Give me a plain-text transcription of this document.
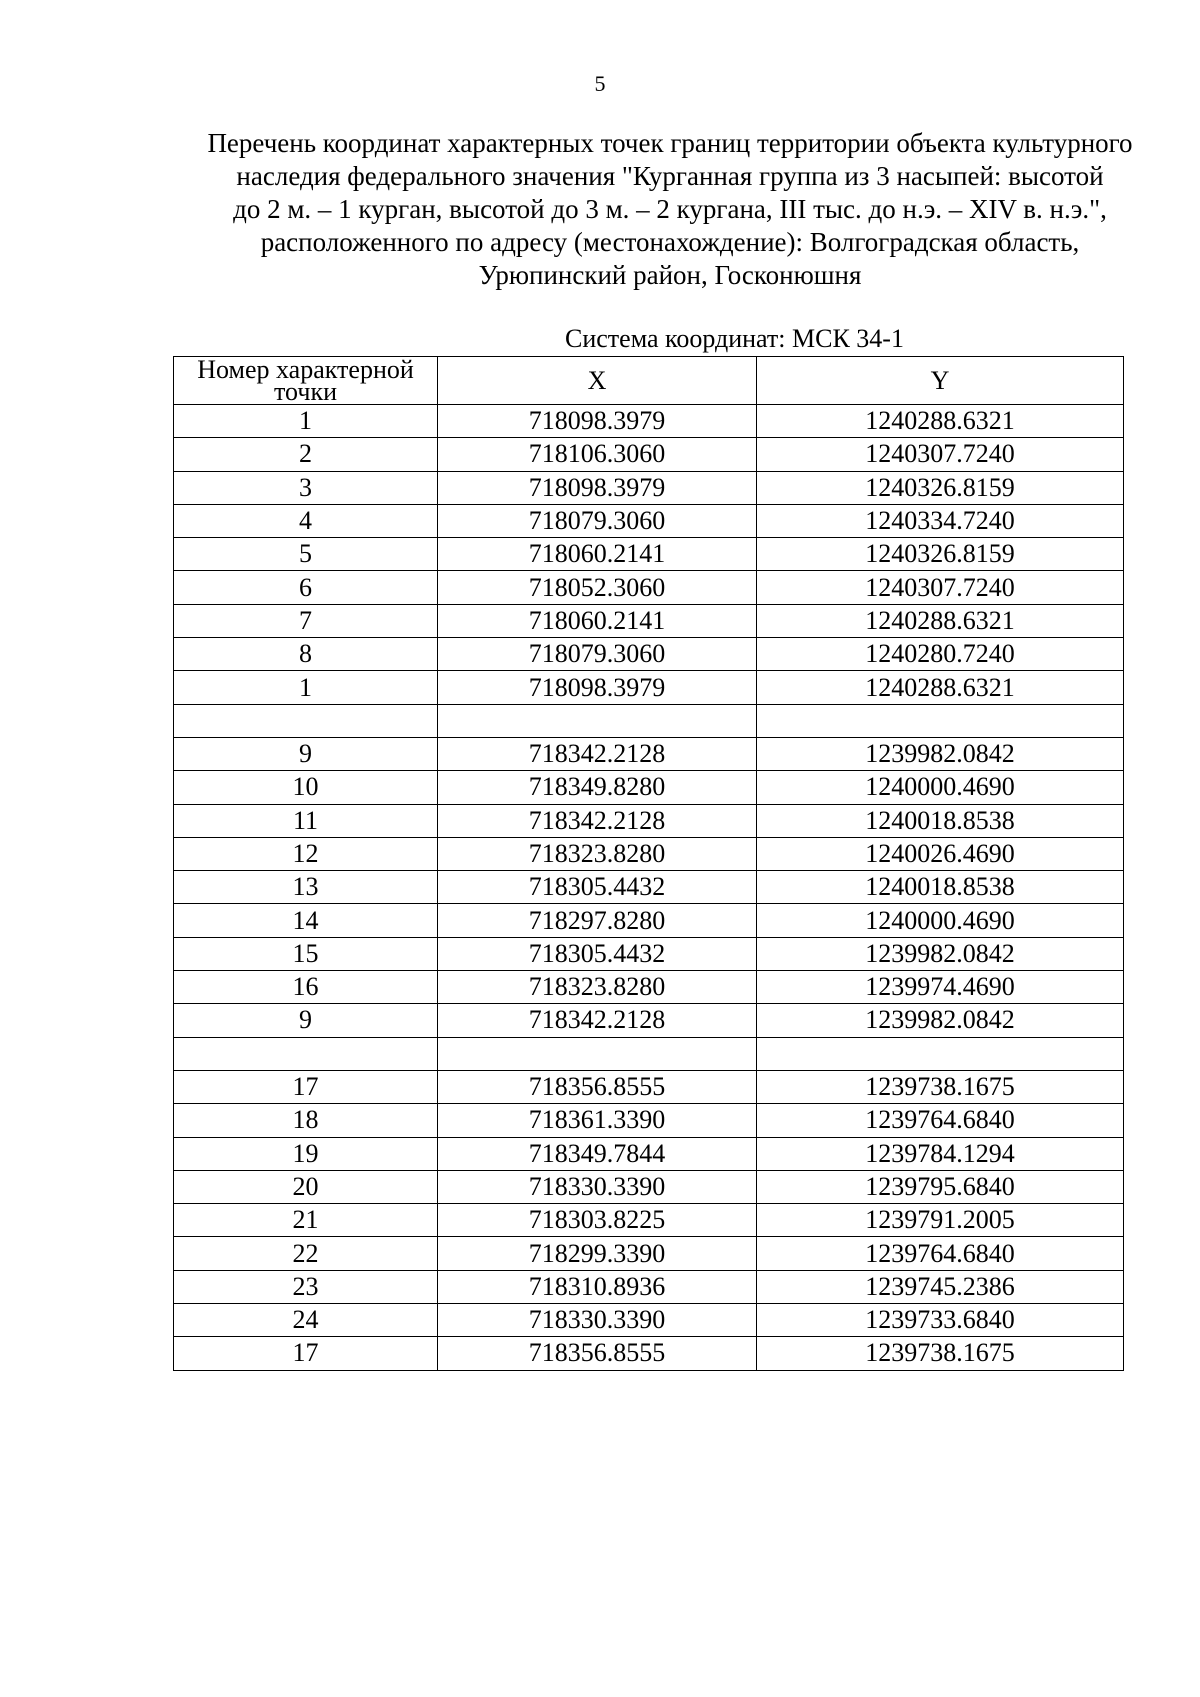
5
Перечень координат характерных точек границ территории объекта культурного
наследия федерального значения "Курганная группа из 3 насыпей: высотой
до 2 м. – 1 курган, высотой до 3 м. – 2 кургана, III тыс. до н.э. – XIV в. н.э.",
расположенного по адресу (местонахождение): Волгоградская область,
Урюпинский район, Госконюшня
Система координат: МСК 34-1
Номер характерной
точки	X	Y
1	718098.3979	1240288.6321
2	718106.3060	1240307.7240
3	718098.3979	1240326.8159
4	718079.3060	1240334.7240
5	718060.2141	1240326.8159
6	718052.3060	1240307.7240
7	718060.2141	1240288.6321
8	718079.3060	1240280.7240
1	718098.3979	1240288.6321

9	718342.2128	1239982.0842
10	718349.8280	1240000.4690
11	718342.2128	1240018.8538
12	718323.8280	1240026.4690
13	718305.4432	1240018.8538
14	718297.8280	1240000.4690
15	718305.4432	1239982.0842
16	718323.8280	1239974.4690
9	718342.2128	1239982.0842

17	718356.8555	1239738.1675
18	718361.3390	1239764.6840
19	718349.7844	1239784.1294
20	718330.3390	1239795.6840
21	718303.8225	1239791.2005
22	718299.3390	1239764.6840
23	718310.8936	1239745.2386
24	718330.3390	1239733.6840
17	718356.8555	1239738.1675
